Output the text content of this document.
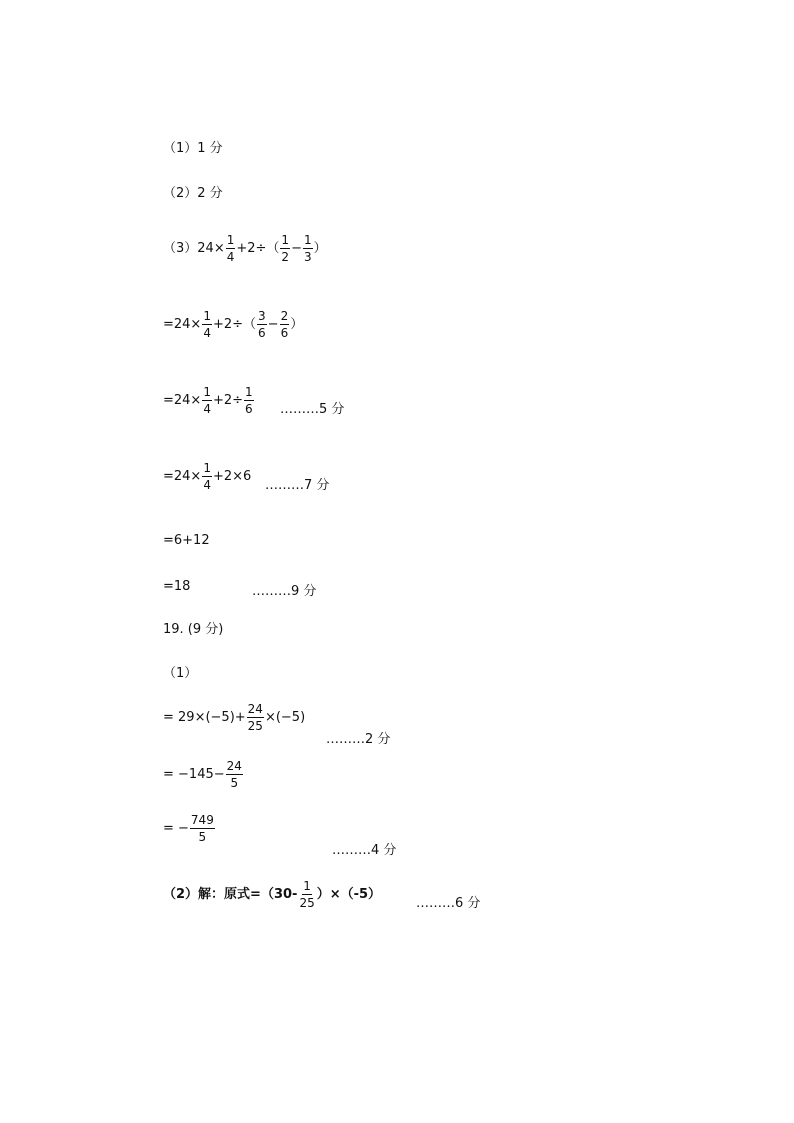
（1）1 分
（2）2 分
$(3)24\times \frac{1}{4} +2\div( \frac{1}{2} - \frac{1}{3}$ ）
$=24\times \frac{1}{4} +2\div( \frac{3}{6} - \frac{2}{6}$ ）
$=24\times \frac{1}{4} +2\div \frac{1}{6}$ ………5 分
$=24\times \frac{1}{4} +2\times 6$
………7 分
=6+12
=18	………9 分
19. (9 分)
（1）
= $29\times(-5)+ \frac{24}{25} \times(-5)$
………2 分
= $-145- \frac{24}{5}$
= − $\frac{749}{5}$
………4 分
（2）解：原式$=(30- \frac{1}{25} )\times(-5)$
………6 分
